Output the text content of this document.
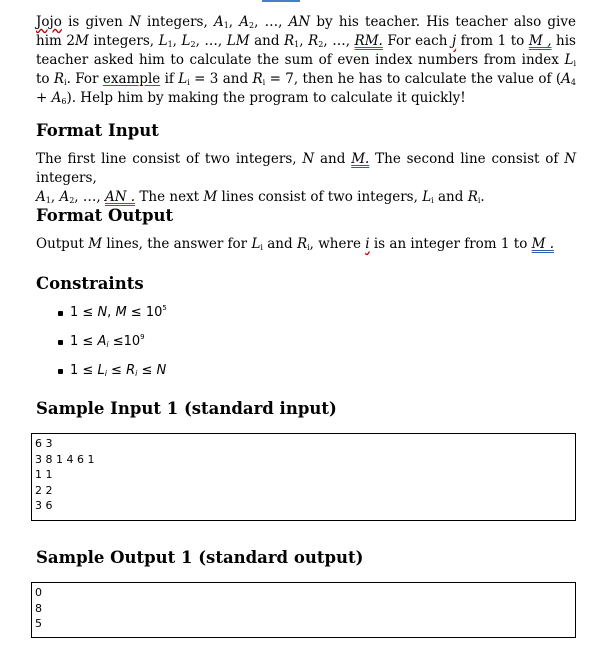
Jojo is given N integers, $A_1$, $A_2$, …, AN by his teacher. His teacher also give him 2M integers, $L_1$, $L_2$, …, LM and $R_1$, $R_2$, …, RM. For each j from 1 to M , his teacher asked him to calculate the sum of even index numbers from index $L_i$ to $R_i$. For example if $L_i = 3$ and $R_i = 7$, then he has to calculate the value of $(A_4 + A_6)$. Help him by making the program to calculate it quickly!

Format Input

The first line consist of two integers, N and M. The second line consist of N integers,
$A_1$, $A_2$, …, AN . The next M lines consist of two integers, $L_i$ and $R_i$.

Format Output

Output M lines, the answer for $L_i$ and $R_i$, where i is an integer from 1 to M .

Constraints
1 ≤ N, $M \le 10^5$
$1 \le A_i \le 10^9$
$1 \le L_i \le R_i \le N$
Sample Input 1 (standard input)
6 3
3 8 1 4 6 1
1 1
2 2
3 6
Sample Output 1 (standard output)
0
8
5
